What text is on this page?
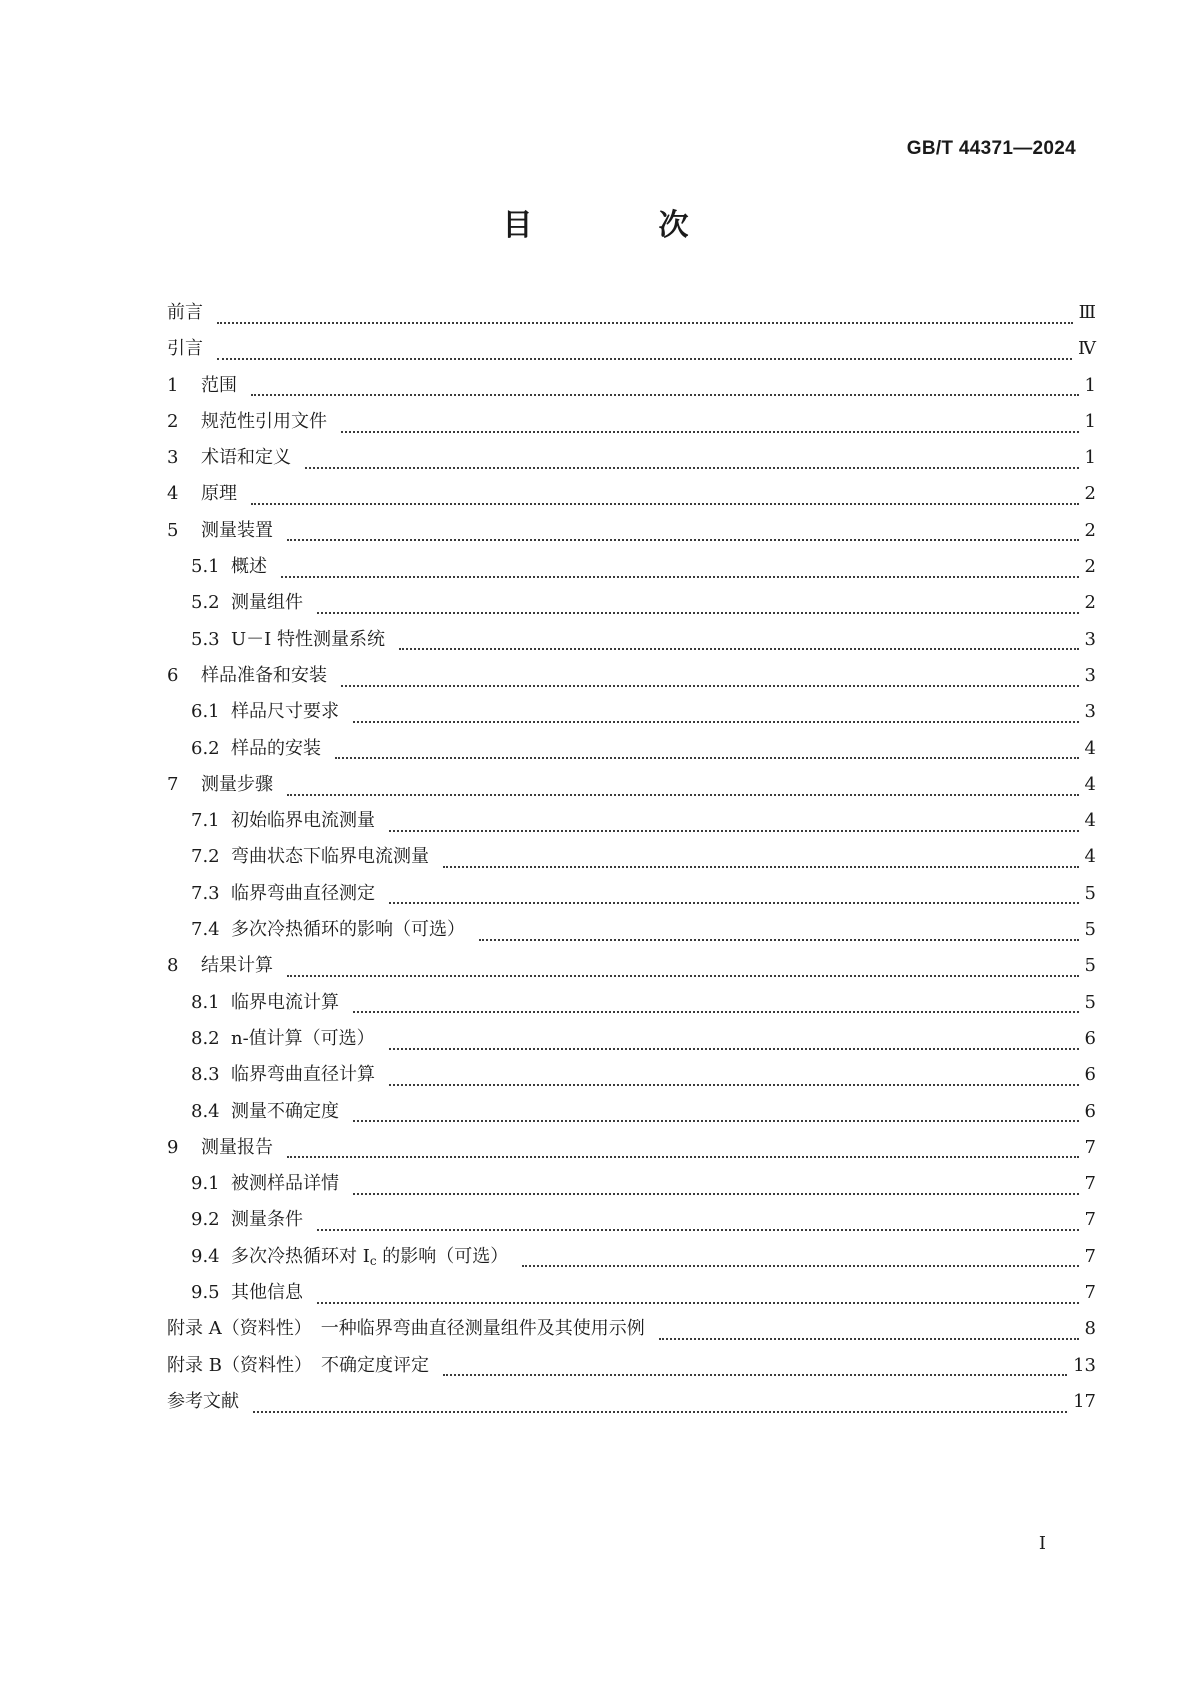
GB/T 44371—2024
目　次
前言	Ⅲ
引言	Ⅳ
1	范围	1
2	规范性引用文件	1
3	术语和定义	1
4	原理	2
5	测量装置	2
5.1 概述	2
5.2 测量组件	2
5.3 U－I 特性测量系统	3
6	样品准备和安装	3
6.1 样品尺寸要求	3
6.2 样品的安装	4
7	测量步骤	4
7.1 初始临界电流测量	4
7.2 弯曲状态下临界电流测量	4
7.3 临界弯曲直径测定	5
7.4 多次冷热循环的影响（可选）	5
8	结果计算	5
8.1 临界电流计算	5
8.2 n-值计算（可选）	6
8.3 临界弯曲直径计算	6
8.4 测量不确定度	6
9	测量报告	7
9.1 被测样品详情	7
9.2 测量条件	7
9.4 多次冷热循环对 $I_c$ 的影响（可选）	7
9.5 其他信息	7
附录 A（资料性）　一种临界弯曲直径测量组件及其使用示例	8
附录 B（资料性）　不确定度评定	13
参考文献	17
I
